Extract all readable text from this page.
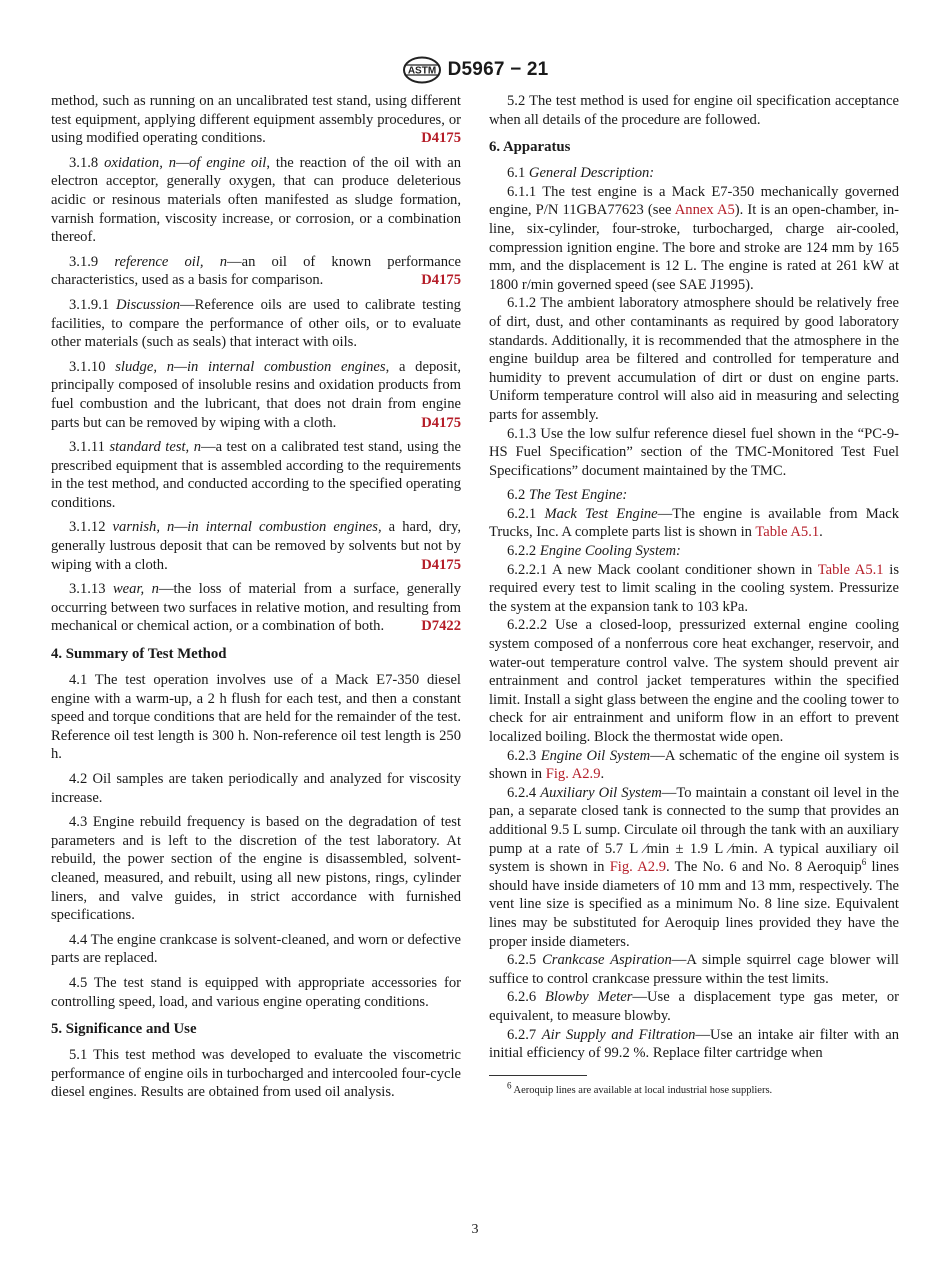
ASTM D5967 − 21

method, such as running on an uncalibrated test stand, using different test equipment, applying different equipment assembly procedures, or using modified operating conditions.	D4175

3.1.8 oxidation, n—of engine oil, the reaction of the oil with an electron acceptor, generally oxygen, that can produce deleterious acidic or resinous materials often manifested as sludge formation, varnish formation, viscosity increase, or corrosion, or a combination thereof.

3.1.9 reference oil, n—an oil of known performance characteristics, used as a basis for comparison.	D4175

3.1.9.1 Discussion—Reference oils are used to calibrate testing facilities, to compare the performance of other oils, or to evaluate other materials (such as seals) that interact with oils.

3.1.10 sludge, n—in internal combustion engines, a deposit, principally composed of insoluble resins and oxidation products from fuel combustion and the lubricant, that does not drain from engine parts but can be removed by wiping with a cloth.	D4175

3.1.11 standard test, n—a test on a calibrated test stand, using the prescribed equipment that is assembled according to the requirements in the test method, and conducted according to the specified operating conditions.

3.1.12 varnish, n—in internal combustion engines, a hard, dry, generally lustrous deposit that can be removed by solvents but not by wiping with a cloth.	D4175

3.1.13 wear, n—the loss of material from a surface, generally occurring between two surfaces in relative motion, and resulting from mechanical or chemical action, or a combination of both.	D7422

4. Summary of Test Method

4.1 The test operation involves use of a Mack E7-350 diesel engine with a warm-up, a 2 h flush for each test, and then a constant speed and torque conditions that are held for the remainder of the test. Reference oil test length is 300 h. Non-reference oil test length is 250 h.

4.2 Oil samples are taken periodically and analyzed for viscosity increase.

4.3 Engine rebuild frequency is based on the degradation of test parameters and is left to the discretion of the test laboratory. At rebuild, the power section of the engine is disassembled, solvent-cleaned, measured, and rebuilt, using all new pistons, rings, cylinder liners, and valve guides, in strict accordance with furnished specifications.

4.4 The engine crankcase is solvent-cleaned, and worn or defective parts are replaced.

4.5 The test stand is equipped with appropriate accessories for controlling speed, load, and various engine operating conditions.

5. Significance and Use

5.1 This test method was developed to evaluate the viscometric performance of engine oils in turbocharged and intercooled four-cycle diesel engines. Results are obtained from used oil analysis.

5.2 The test method is used for engine oil specification acceptance when all details of the procedure are followed.

6. Apparatus

6.1 General Description:

6.1.1 The test engine is a Mack E7-350 mechanically governed engine, P/N 11GBA77623 (see Annex A5). It is an open-chamber, in-line, six-cylinder, four-stroke, turbocharged, charge air-cooled, compression ignition engine. The bore and stroke are 124 mm by 165 mm, and the displacement is 12 L. The engine is rated at 261 kW at 1800 r/min governed speed (see SAE J1995).

6.1.2 The ambient laboratory atmosphere should be relatively free of dirt, dust, and other contaminants as required by good laboratory standards. Additionally, it is recommended that the atmosphere in the engine buildup area be filtered and controlled for temperature and humidity to prevent accumulation of dirt or dust on engine parts. Uniform temperature control will also aid in measuring and selecting parts for assembly.

6.1.3 Use the low sulfur reference diesel fuel shown in the “PC-9-HS Fuel Specification” section of the TMC-Monitored Test Fuel Specifications” document maintained by the TMC.

6.2 The Test Engine:

6.2.1 Mack Test Engine—The engine is available from Mack Trucks, Inc. A complete parts list is shown in Table A5.1.

6.2.2 Engine Cooling System:

6.2.2.1 A new Mack coolant conditioner shown in Table A5.1 is required every test to limit scaling in the cooling system. Pressurize the system at the expansion tank to 103 kPa.

6.2.2.2 Use a closed-loop, pressurized external engine cooling system composed of a nonferrous core heat exchanger, reservoir, and water-out temperature control valve. The system should prevent air entrainment and control jacket temperatures within the specified limit. Install a sight glass between the engine and the cooling tower to check for air entrainment and uniform flow in an effort to prevent localized boiling. Block the thermostat wide open.

6.2.3 Engine Oil System—A schematic of the engine oil system is shown in Fig. A2.9.

6.2.4 Auxiliary Oil System—To maintain a constant oil level in the pan, a separate closed tank is connected to the sump that provides an additional 9.5 L sump. Circulate oil through the tank with an auxiliary pump at a rate of 5.7 L ⁄min ± 1.9 L ⁄min. A typical auxiliary oil system is shown in Fig. A2.9. The No. 6 and No. 8 Aeroquip$^6$ lines should have inside diameters of 10 mm and 13 mm, respectively. The vent line size is specified as a minimum No. 8 line size. Equivalent lines may be substituted for Aeroquip lines provided they have the proper inside diameters.

6.2.5 Crankcase Aspiration—A simple squirrel cage blower will suffice to control crankcase pressure within the test limits.

6.2.6 Blowby Meter—Use a displacement type gas meter, or equivalent, to measure blowby.

6.2.7 Air Supply and Filtration—Use an intake air filter with an initial efficiency of 99.2 %. Replace filter cartridge when

6 Aeroquip lines are available at local industrial hose suppliers.

3
